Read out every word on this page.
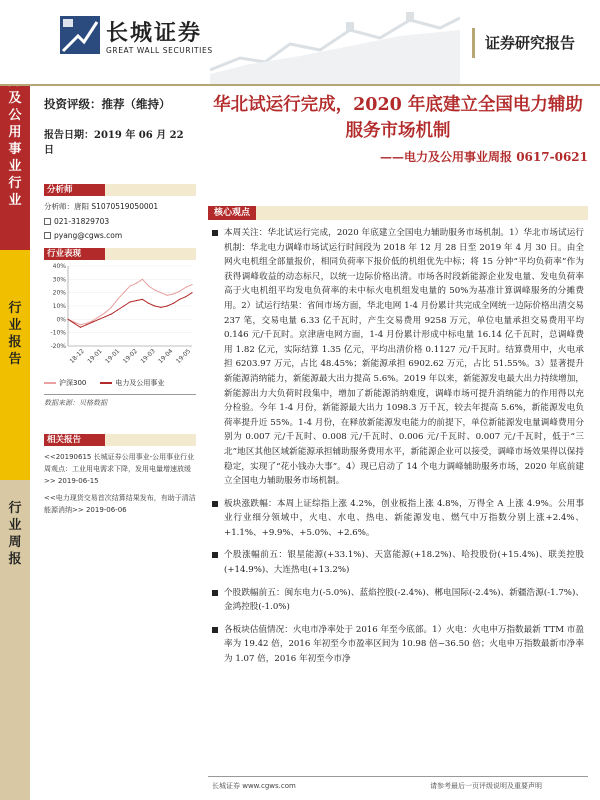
及
公
用
事
业
行
业
行
业
报
告
行
业
周
报
长城证券
GREAT WALL SECURITIES	证券研究报告
投资评级：推荐（维持）
报告日期：2019 年 06 月 22 日
分析师
分析师：唐阳 S1070519050001
021-31829703
pyang@cgws.com
行业表现
40%
30%
20%
10%
0%
-10%
-20%
18-12 19-01 19-01 19-02 19-03 19-04 19-05
沪深300	电力及公用事业
数据来源：贝格数据
相关报告
<<20190615 长城证券公用事业-公用事业行业周观点：工业用电需求下降，发用电量增速放缓>> 2019-06-15
<<电力现货交易首次结算结果发布，有助于清洁能源消纳>> 2019-06-06
华北试运行完成，2020 年底建立全国电力辅助服务市场机制
——电力及公用事业周报 0617-0621
核心观点
本周关注：华北试运行完成，2020 年底建立全国电力辅助服务市场机制。1）华北市场试运行机制：华北电力调峰市场试运行时间段为 2018 年 12 月 28 日至 2019 年 4 月 30 日。由全网火电机组全部量报价，相同负荷率下报价低的机组优先中标；将 15 分钟“平均负荷率”作为获得调峰收益的动态标尺，以统一边际价格出清。市场各时段新能源企业发电量、发电负荷率高于火电机组平均发电负荷率的未中标火电机组发电量的 50%为基准计算调峰服务的分摊费用。2）试运行结果：省间市场方面，华北电网 1-4 月份累计共完成全网统一边际价格出清交易 237 笔，交易电量 6.33 亿千瓦时，产生交易费用 9258 万元，单位电量承担交易费用平均 0.146 元/千瓦时。京津唐电网方面，1-4 月份累计形成中标电量 16.14 亿千瓦时，总调峰费用 1.82 亿元，实际结算 1.35 亿元，平均出清价格 0.1127 元/千瓦时。结算费用中，火电承担 6203.97 万元，占比 48.45%；新能源承担 6902.62 万元，占比 51.55%。3）显著提升新能源消纳能力，新能源最大出力提高 5.6%。2019 年以来，新能源发电最大出力持续增加，新能源出力大负荷时段集中，增加了新能源消纳难度，调峰市场可提升消纳能力的作用得以充分检验。今年 1-4 月份，新能源最大出力 1098.3 万千瓦，较去年提高 5.6%，新能源发电负荷率提升近 55%。1-4 月份，在释放新能源发电能力的前提下，单位新能源发电量调峰费用分别为 0.007 元/千瓦时、0.008 元/千瓦时、0.006 元/千瓦时、0.007 元/千瓦时，低于“三北”地区其他区域新能源承担辅助服务费用水平，新能源企业可以接受，调峰市场效果得以保持稳定，实现了“花小钱办大事”。4）现已启动了 14 个电力调峰辅助服务市场，2020 年底前建立全国电力辅助服务市场机制。
板块涨跌幅：本周上证综指上涨 4.2%，创业板指上涨 4.8%，万得全 A 上涨 4.9%。公用事业行业细分领域中，火电、水电、热电、新能源发电、燃气中万指数分别上涨+2.4%、+1.1%、+9.9%、+5.0%、+2.6%。
个股涨幅前五：银星能源(+33.1%)、天富能源(+18.2%)、哈投股份(+15.4%)、联美控股(+14.9%)、大连热电(+13.2%)
个股跌幅前五：闽东电力(-5.0%)、蓝焰控股(-2.4%)、郴电国际(-2.4%)、新疆浩源(-1.7%)、金鸿控股(-1.0%)
各板块估值情况：火电市净率处于 2016 年至今底部。1）火电：火电申万指数最新 TTM 市盈率为 19.42 倍，2016 年初至今市盈率区间为 10.98 倍~36.50 倍；火电申万指数最新市净率为 1.07 倍，2016 年初至今市净
长城证券 www.cgws.com	请参考最后一页评级说明及重要声明
